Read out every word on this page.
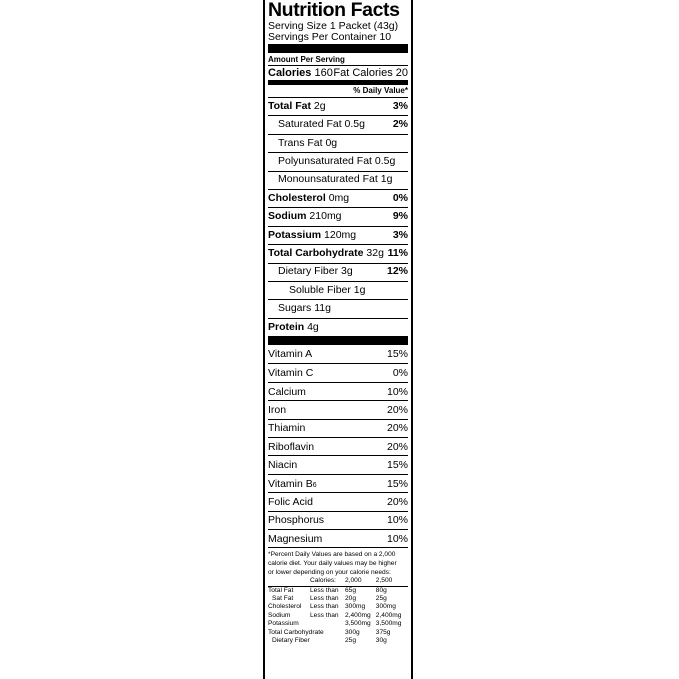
Nutrition Facts
Serving Size 1 Packet (43g)
Servings Per Container 10
Amount Per Serving
Calories 160 Fat Calories 20
% Daily Value*
Total Fat 2g	3%
Saturated Fat 0.5g	2%
Trans Fat 0g
Polyunsaturated Fat 0.5g
Monounsaturated Fat 1g
Cholesterol 0mg	0%
Sodium 210mg	9%
Potassium 120mg	3%
Total Carbohydrate 32g 11%
Dietary Fiber 3g	12%
Soluble Fiber 1g
Sugars 11g
Protein 4g
Vitamin A	15%
Vitamin C	0%
Calcium	10%
Iron	20%
Thiamin	20%
Riboflavin	20%
Niacin	15%
Vitamin B6	15%
Folic Acid	20%
Phosphorus	10%
Magnesium	10%
*Percent Daily Values are based on a 2,000
calorie diet. Your daily values may be higher
or lower depending on your calorie needs:
	Calories:	2,000	2,500
Total Fat	Less than	65g	80g
Sat Fat	Less than	20g	25g
Cholesterol	Less than	300mg	300mg
Sodium	Less than	2,400mg	2,400mg
Potassium		3,500mg	3,500mg
Total Carbohydrate		300g	375g
Dietary Fiber		25g	30g
